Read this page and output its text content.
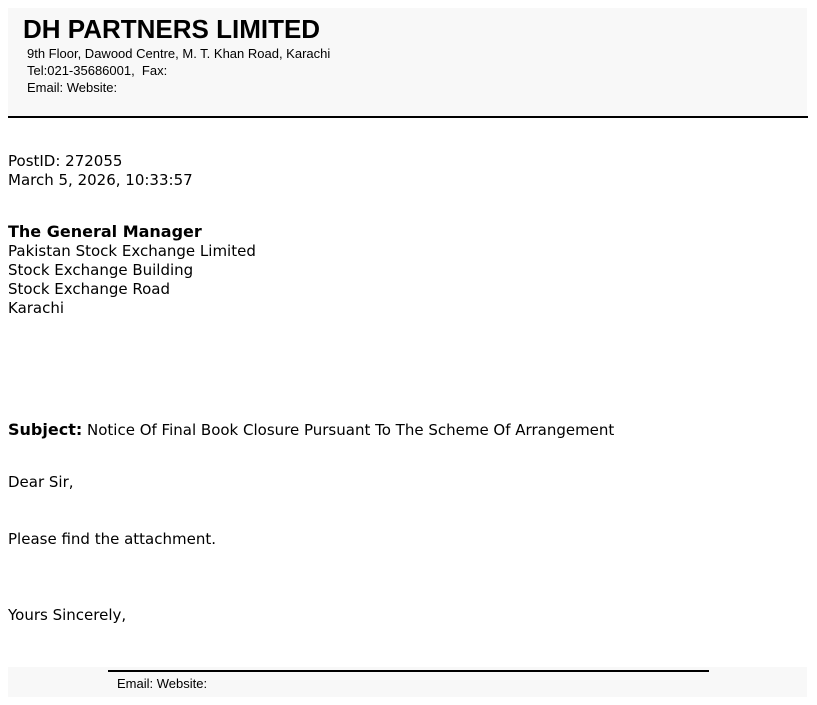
DH PARTNERS LIMITED
9th Floor, Dawood Centre, M. T. Khan Road, Karachi
Tel:021-35686001,  Fax:
Email: Website:
PostID: 272055
March 5, 2026, 10:33:57
The General Manager
Pakistan Stock Exchange Limited
Stock Exchange Building
Stock Exchange Road
Karachi
Subject: Notice Of Final Book Closure Pursuant To The Scheme Of Arrangement
Dear Sir,
Please find the attachment.
Yours Sincerely,
Email: Website:
